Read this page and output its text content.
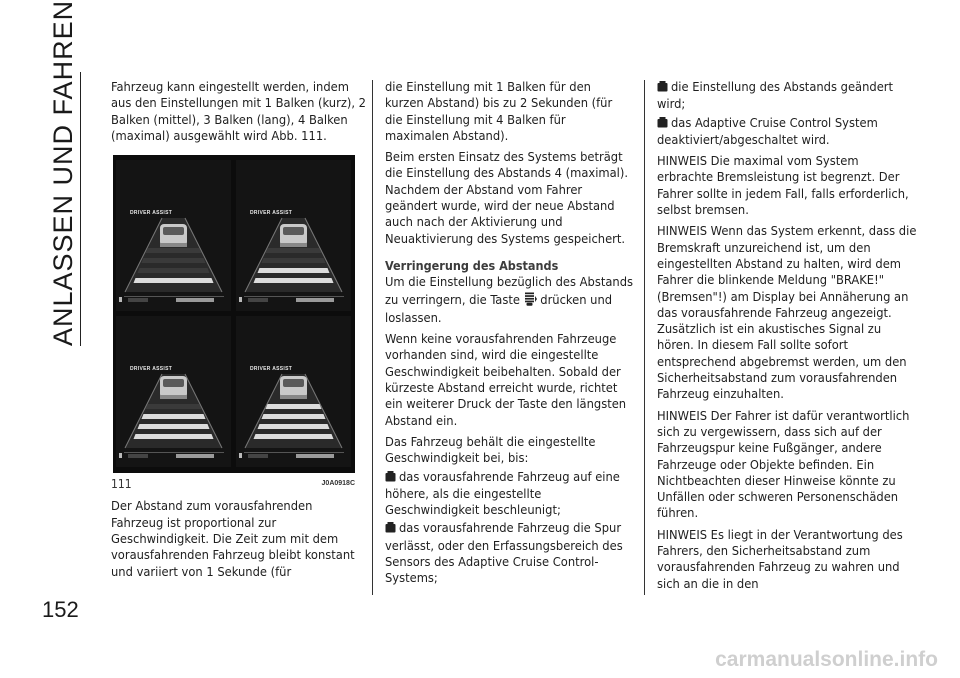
ANLASSEN UND FAHREN
152

Fahrzeug kann eingestellt werden, indem aus den Einstellungen mit 1 Balken (kurz), 2 Balken (mittel), 3 Balken (lang), 4 Balken (maximal) ausgewählt wird Abb. 111.

DRIVER ASSIST	DRIVER ASSIST
DRIVER ASSIST	DRIVER ASSIST
111	J0A0918C

Der Abstand zum vorausfahrenden Fahrzeug ist proportional zur Geschwindigkeit. Die Zeit zum mit dem vorausfahrenden Fahrzeug bleibt konstant und variiert von 1 Sekunde (für

die Einstellung mit 1 Balken für den kurzen Abstand) bis zu 2 Sekunden (für die Einstellung mit 4 Balken für maximalen Abstand).

Beim ersten Einsatz des Systems beträgt die Einstellung des Abstands 4 (maximal). Nachdem der Abstand vom Fahrer geändert wurde, wird der neue Abstand auch nach der Aktivierung und Neuaktivierung des Systems gespeichert.

Verringerung des Abstands

Um die Einstellung bezüglich des Abstands zu verringern, die Taste  drücken und loslassen.

Wenn keine vorausfahrenden Fahrzeuge vorhanden sind, wird die eingestellte Geschwindigkeit beibehalten. Sobald der kürzeste Abstand erreicht wurde, richtet ein weiterer Druck der Taste den längsten Abstand ein.

Das Fahrzeug behält die eingestellte Geschwindigkeit bei, bis:

das vorausfahrende Fahrzeug auf eine höhere, als die eingestellte Geschwindigkeit beschleunigt;

das vorausfahrende Fahrzeug die Spur verlässt, oder den Erfassungsbereich des Sensors des Adaptive Cruise Control-Systems;

die Einstellung des Abstands geändert wird;

das Adaptive Cruise Control System deaktiviert/abgeschaltet wird.

HINWEIS Die maximal vom System erbrachte Bremsleistung ist begrenzt. Der Fahrer sollte in jedem Fall, falls erforderlich, selbst bremsen.

HINWEIS Wenn das System erkennt, dass die Bremskraft unzureichend ist, um den eingestellten Abstand zu halten, wird dem Fahrer die blinkende Meldung "BRAKE!" (Bremsen"!) am Display bei Annäherung an das vorausfahrende Fahrzeug angezeigt. Zusätzlich ist ein akustisches Signal zu hören. In diesem Fall sollte sofort entsprechend abgebremst werden, um den Sicherheitsabstand zum vorausfahrenden Fahrzeug einzuhalten.

HINWEIS Der Fahrer ist dafür verantwortlich sich zu vergewissern, dass sich auf der Fahrzeugspur keine Fußgänger, andere Fahrzeuge oder Objekte befinden. Ein Nichtbeachten dieser Hinweise könnte zu Unfällen oder schweren Personenschäden führen.

HINWEIS Es liegt in der Verantwortung des Fahrers, den Sicherheitsabstand zum vorausfahrenden Fahrzeug zu wahren und sich an die in den

carmanualsonline.info
